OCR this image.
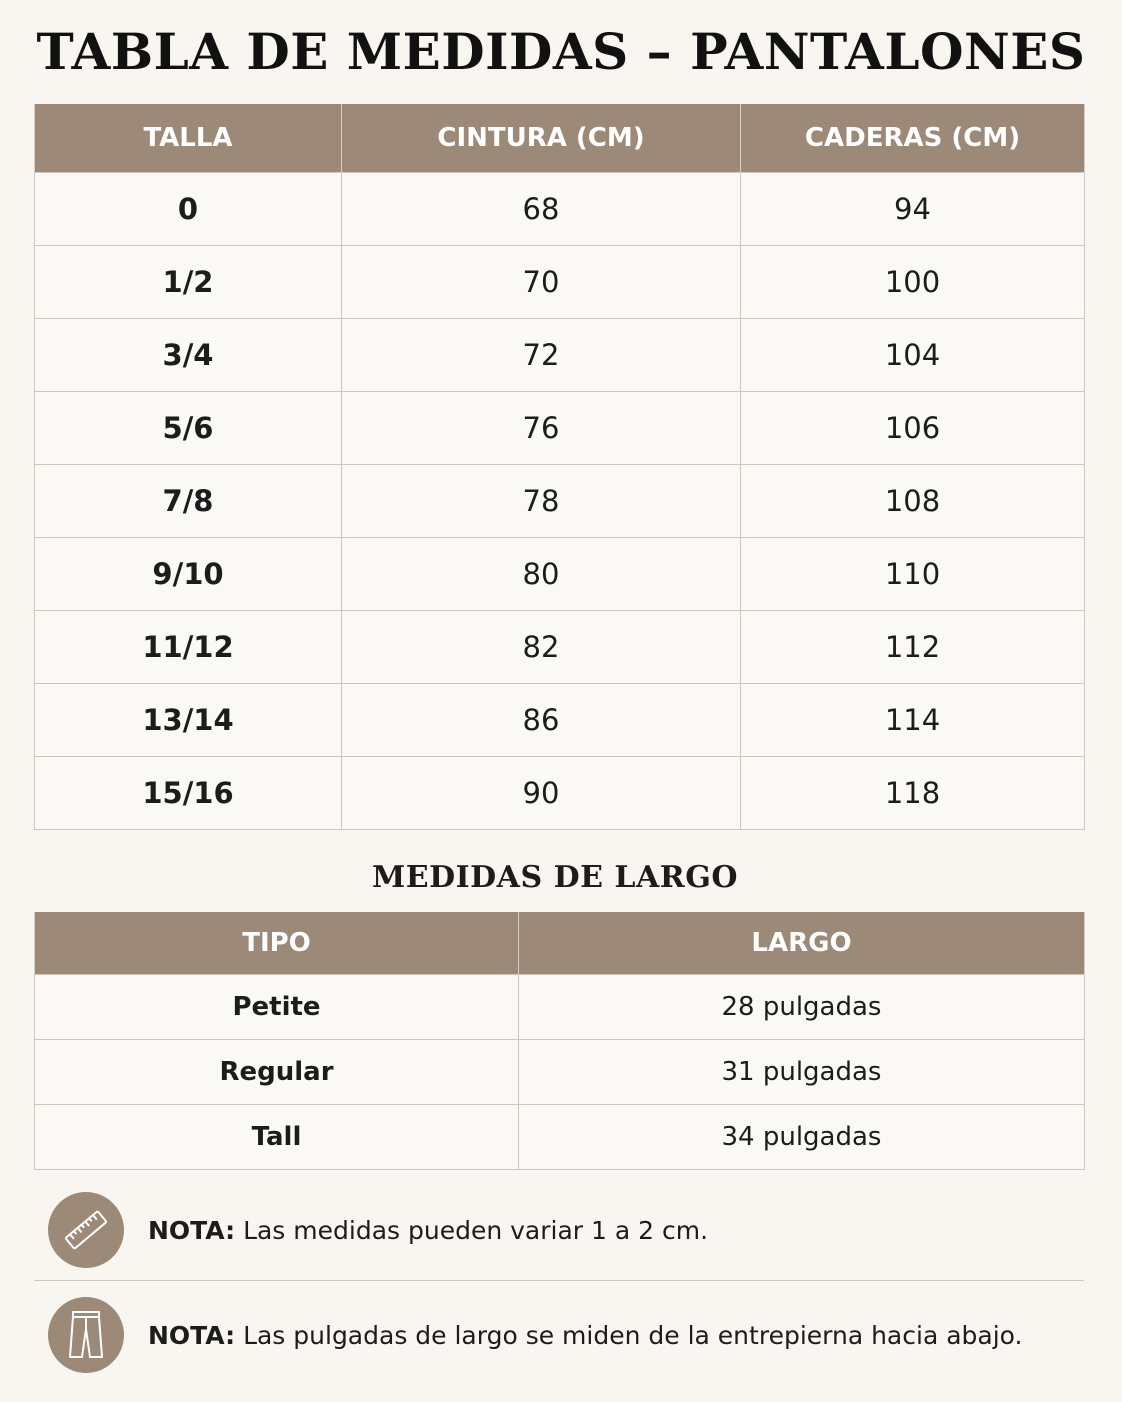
TABLA DE MEDIDAS – PANTALONES
TALLA	CINTURA (CM)	CADERAS (CM)
0	68	94
1/2	70	100
3/4	72	104
5/6	76	106
7/8	78	108
9/10	80	110
11/12	82	112
13/14	86	114
15/16	90	118
MEDIDAS DE LARGO
TIPO	LARGO
Petite	28 pulgadas
Regular	31 pulgadas
Tall	34 pulgadas
NOTA: Las medidas pueden variar 1 a 2 cm.
NOTA: Las pulgadas de largo se miden de la entrepierna hacia abajo.
